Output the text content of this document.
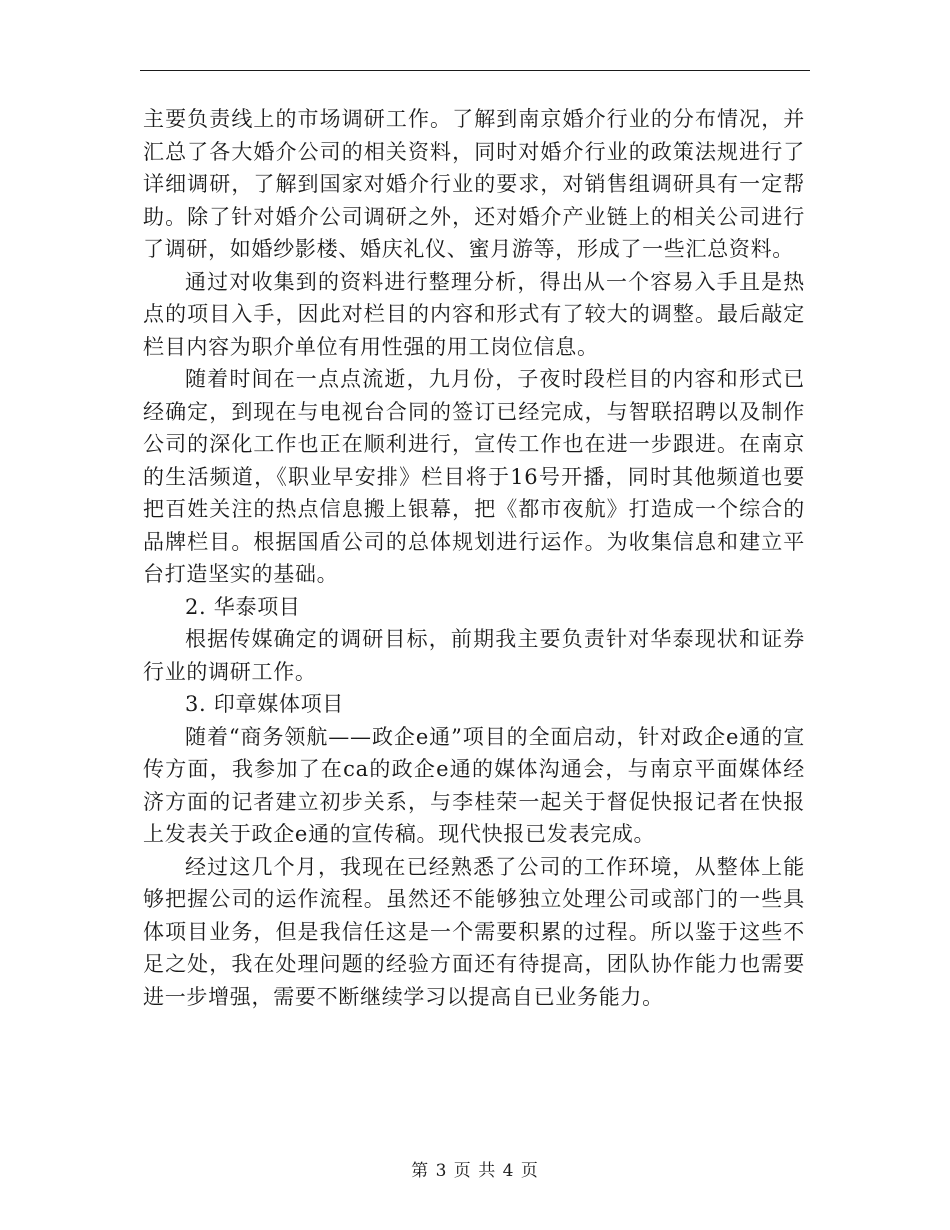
主要负责线上的市场调研工作。了解到南京婚介行业的分布情况，并汇总了各大婚介公司的相关资料，同时对婚介行业的政策法规进行了详细调研，了解到国家对婚介行业的要求，对销售组调研具有一定帮助。除了针对婚介公司调研之外，还对婚介产业链上的相关公司进行了调研，如婚纱影楼、婚庆礼仪、蜜月游等，形成了一些汇总资料。

通过对收集到的资料进行整理分析，得出从一个容易入手且是热点的项目入手，因此对栏目的内容和形式有了较大的调整。最后敲定栏目内容为职介单位有用性强的用工岗位信息。

随着时间在一点点流逝，九月份，子夜时段栏目的内容和形式已经确定，到现在与电视台合同的签订已经完成，与智联招聘以及制作公司的深化工作也正在顺利进行，宣传工作也在进一步跟进。在南京的生活频道，《职业早安排》栏目将于16号开播，同时其他频道也要把百姓关注的热点信息搬上银幕，把《都市夜航》打造成一个综合的品牌栏目。根据国盾公司的总体规划进行运作。为收集信息和建立平台打造坚实的基础。

2. 华泰项目

根据传媒确定的调研目标，前期我主要负责针对华泰现状和证券行业的调研工作。

3. 印章媒体项目

随着“商务领航——政企e通”项目的全面启动，针对政企e通的宣传方面，我参加了在ca的政企e通的媒体沟通会，与南京平面媒体经济方面的记者建立初步关系，与李桂荣一起关于督促快报记者在快报上发表关于政企e通的宣传稿。现代快报已发表完成。

经过这几个月，我现在已经熟悉了公司的工作环境，从整体上能够把握公司的运作流程。虽然还不能够独立处理公司或部门的一些具体项目业务，但是我信任这是一个需要积累的过程。所以鉴于这些不足之处，我在处理问题的经验方面还有待提高，团队协作能力也需要进一步增强，需要不断继续学习以提高自已业务能力。

第 3 页 共 4 页
